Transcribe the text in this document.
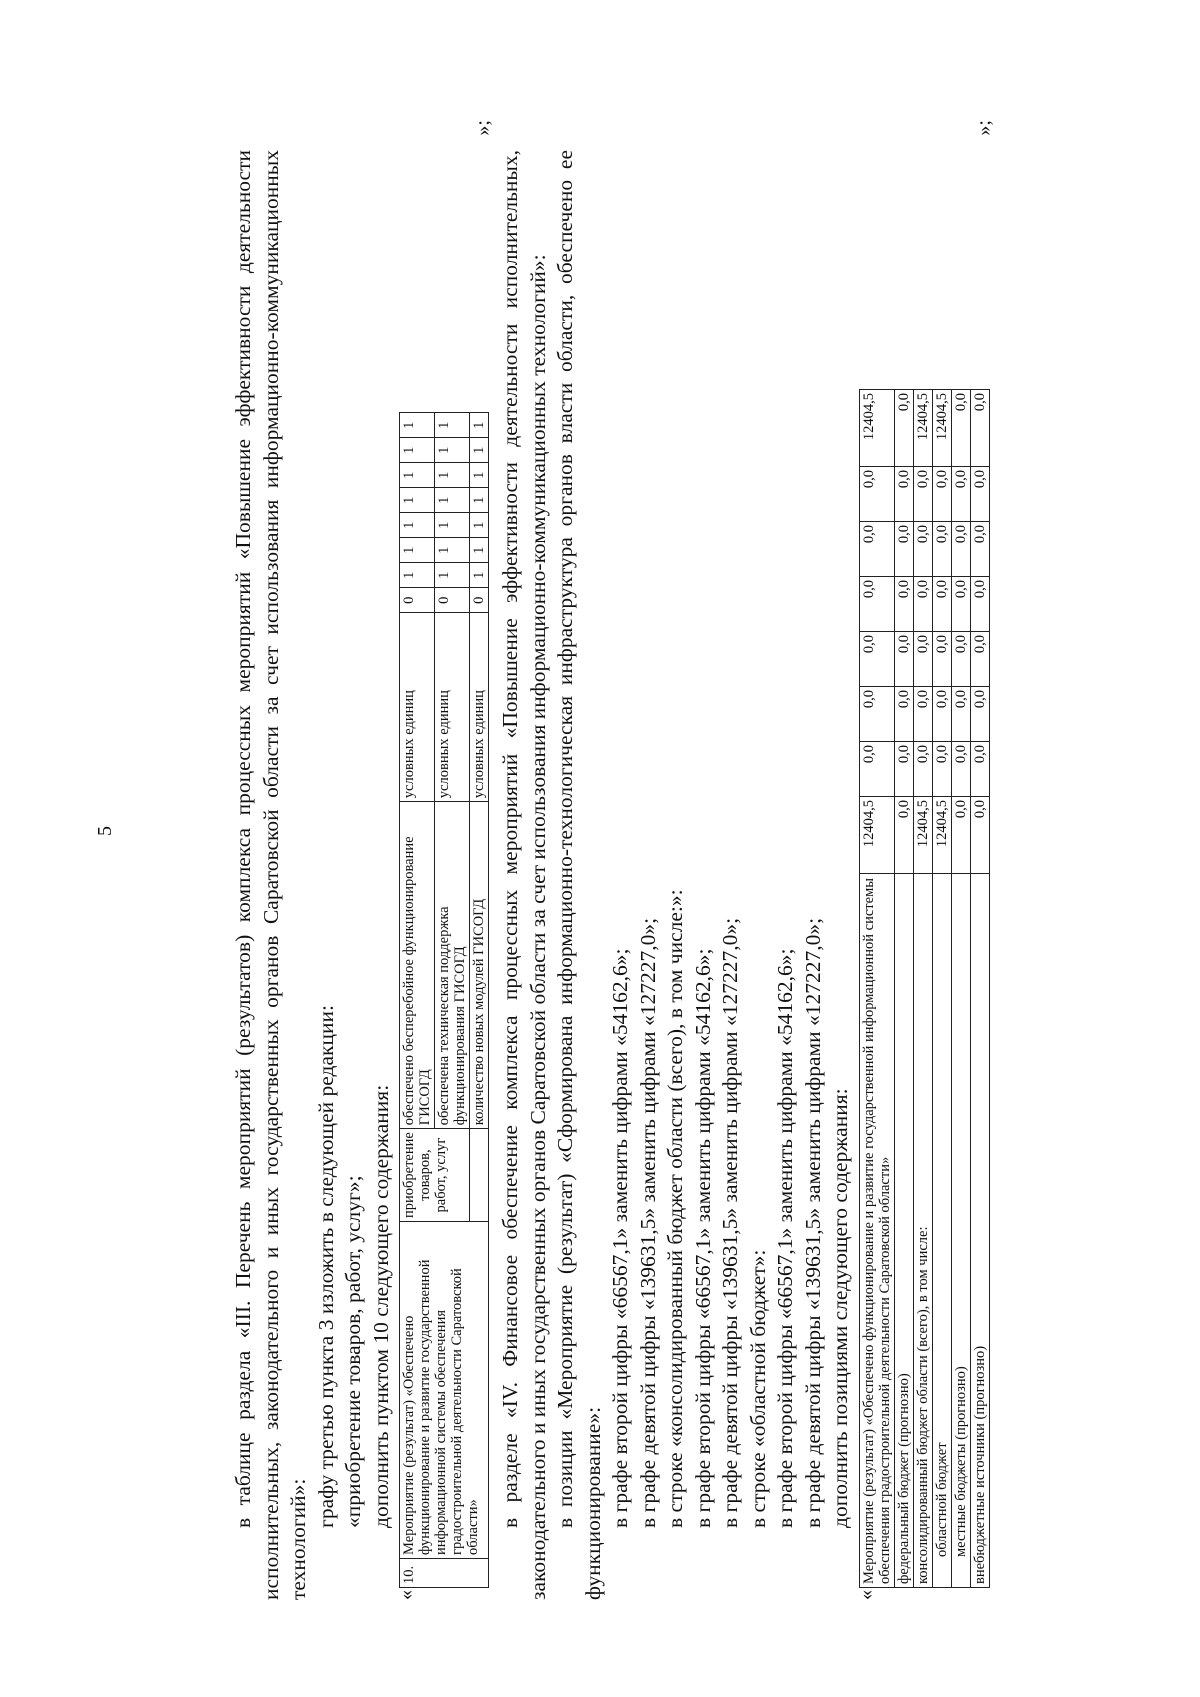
5	в таблице раздела «III. Перечень мероприятий (результатов) комплекса процессных мероприятий «Повышение эффективности деятельности исполнительных, законодательного и иных государственных органов Саратовской области за счет использования информационно-коммуникационных технологий»:

графу третью пункта 3 изложить в следующей редакции: «приобретение товаров, работ, услуг»; дополнить пунктом 10 следующего содержания:

«
10.	Мероприятие (результат) «Обеспечено функционирование и развитие государственной информационной системы обеспечения градостроительной деятельности Саратовской области»	приобретение товаров, работ, услуг	обеспечено бесперебойное функционирование ГИСОГД	условных единиц	0	1	1	1	1	1	1	1
			обеспечена техническая поддержка функционирования ГИСОГД	условных единиц	0	1	1	1	1	1	1	1
			количество новых модулей ГИСОГД	условных единиц	0	1	1	1	1	1	1	1
»;

в разделе «IV. Финансовое обеспечение комплекса процессных мероприятий «Повышение эффективности деятельности исполнительных, законодательного и иных государственных органов Саратовской области за счет использования информационно-коммуникационных технологий»: в позиции «Мероприятие (результат) «Сформирована информационно-технологическая инфраструктура органов власти области, обеспечено ее функционирование»: в графе второй цифры «66567,1» заменить цифрами «54162,6»; в графе девятой цифры «139631,5» заменить цифрами «127227,0»; в строке «консолидированный бюджет области (всего), в том числе:»: в графе второй цифры «66567,1» заменить цифрами «54162,6»; в графе девятой цифры «139631,5» заменить цифрами «127227,0»; в строке «областной бюджет»: в графе второй цифры «66567,1» заменить цифрами «54162,6»; в графе девятой цифры «139631,5» заменить цифрами «127227,0»; дополнить позициями следующего содержания:

«
Мероприятие (результат) «Обеспечено функционирование и развитие государственной информационной системы обеспечения градостроительной деятельности Саратовской области»	12404,5	0,0	0,0	0,0	0,0	0,0	0,0	12404,5
федеральный бюджет (прогнозно)	0,0	0,0	0,0	0,0	0,0	0,0	0,0	0,0
консолидированный бюджет области (всего), в том числе:	12404,5	0,0	0,0	0,0	0,0	0,0	0,0	12404,5
областной бюджет	12404,5	0,0	0,0	0,0	0,0	0,0	0,0	12404,5
местные бюджеты (прогнозно)	0,0	0,0	0,0	0,0	0,0	0,0	0,0	0,0
внебюджетные источники (прогнозно)	0,0	0,0	0,0	0,0	0,0	0,0	0,0	0,0
»;
